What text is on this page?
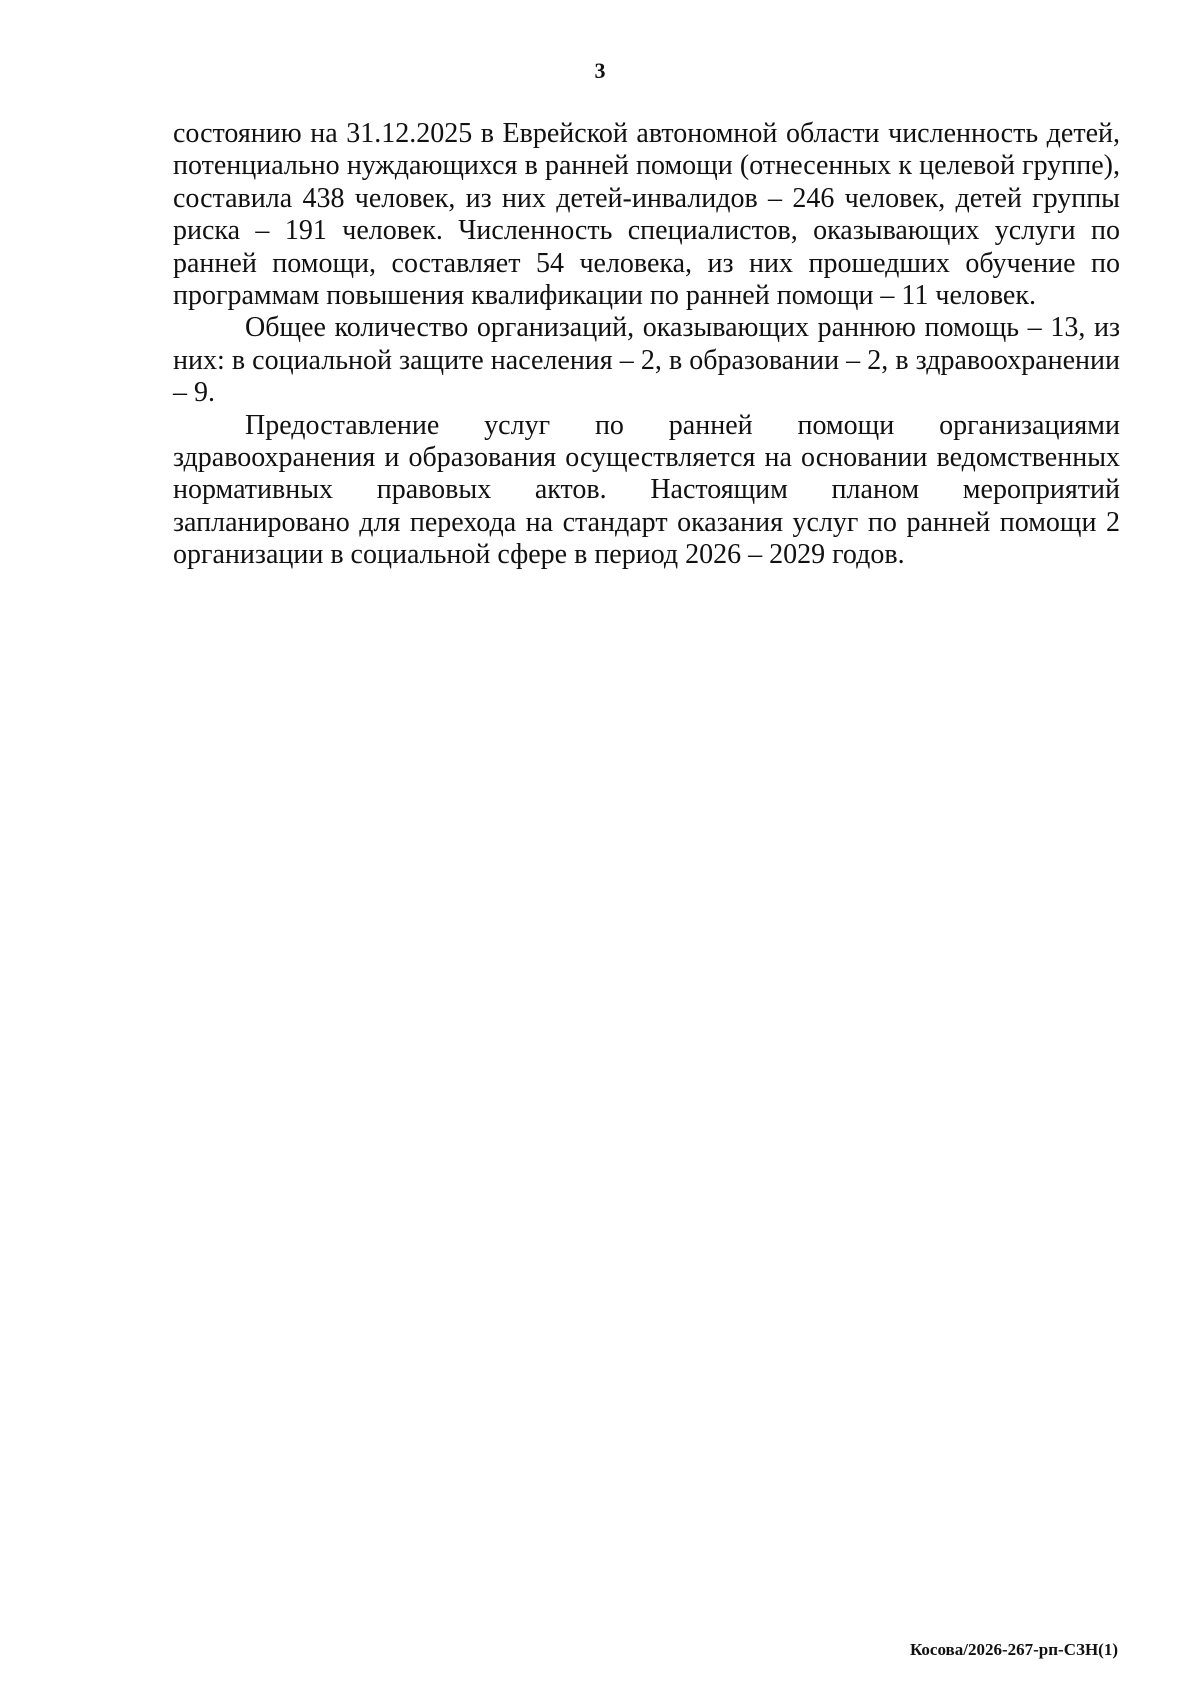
3

состоянию на 31.12.2025 в Еврейской автономной области численность детей, потенциально нуждающихся в ранней помощи (отнесенных к целевой группе), составила 438 человек, из них детей-инвалидов – 246 человек, детей группы риска – 191 человек. Численность специалистов, оказывающих услуги по ранней помощи, составляет 54 человека, из них прошедших обучение по программам повышения квалификации по ранней помощи – 11 человек.

Общее количество организаций, оказывающих раннюю помощь – 13, из них: в социальной защите населения – 2, в образовании – 2, в здравоохранении – 9.

Предоставление услуг по ранней помощи организациями здравоохранения и образования осуществляется на основании ведомственных нормативных правовых актов. Настоящим планом мероприятий запланировано для перехода на стандарт оказания услуг по ранней помощи 2 организации в социальной сфере в период 2026 – 2029 годов.

Косова/2026-267-рп-СЗН(1)
